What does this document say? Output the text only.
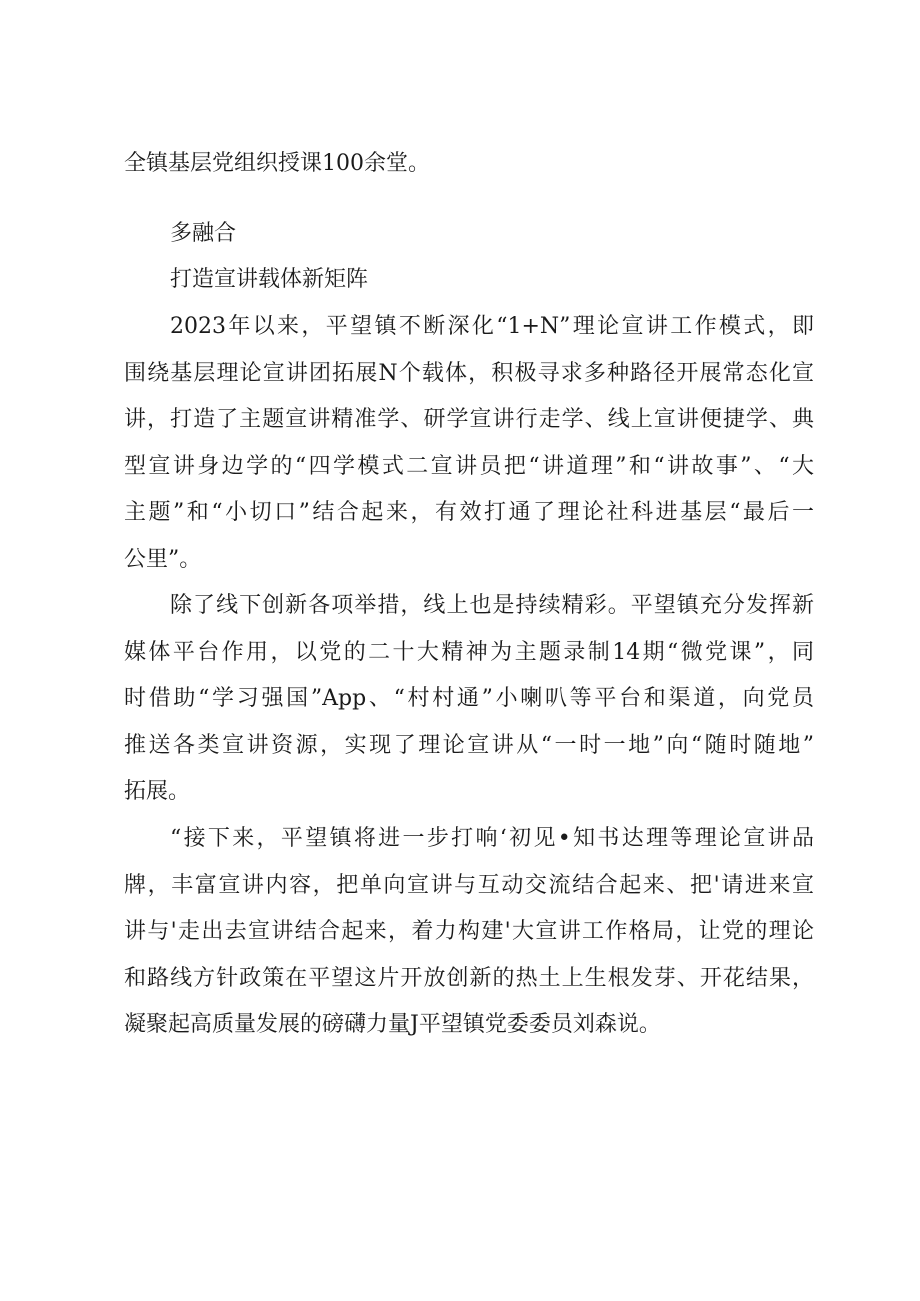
全镇基层党组织授课100余堂。
多融合
打造宣讲载体新矩阵
2023年以来，平望镇不断深化“1+N”理论宣讲工作模式，即
围绕基层理论宣讲团拓展N个载体，积极寻求多种路径开展常态化宣
讲，打造了主题宣讲精准学、研学宣讲行走学、线上宣讲便捷学、典
型宣讲身边学的“四学模式二宣讲员把“讲道理”和“讲故事”、“大
主题”和“小切口”结合起来，有效打通了理论社科进基层“最后一
公里”。
除了线下创新各项举措，线上也是持续精彩。平望镇充分发挥新
媒体平台作用，以党的二十大精神为主题录制14期“微党课”，同
时借助“学习强国”App、“村村通”小喇叭等平台和渠道，向党员
推送各类宣讲资源，实现了理论宣讲从“一时一地”向“随时随地”
拓展。
“接下来，平望镇将进一步打响‘初见•知书达理等理论宣讲品
牌，丰富宣讲内容，把单向宣讲与互动交流结合起来、把'请进来宣
讲与'走出去宣讲结合起来，着力构建'大宣讲工作格局，让党的理论
和路线方针政策在平望这片开放创新的热土上生根发芽、开花结果，
凝聚起高质量发展的磅礴力量J平望镇党委委员刘森说。
